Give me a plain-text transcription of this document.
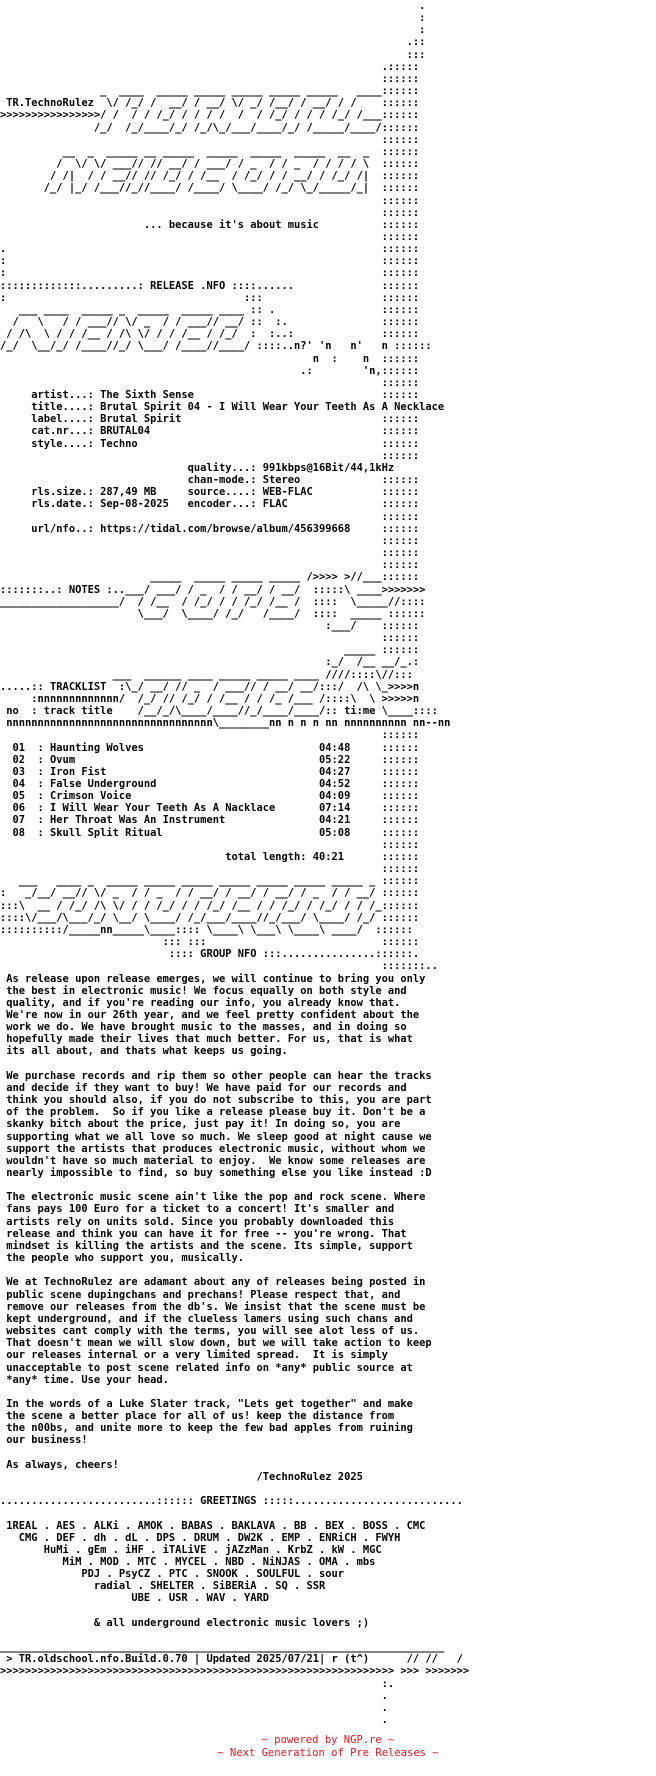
.
:
:
.::
:::
.:::::
::::::
_  ____  _____ _____ _____ _____ _____   ____::::::
TR.TechnoRulez  \/ /_/ /  __/ / __/ \/ _/ /__/ / __/ / /    ::::::
>>>>>>>>>>>>>>>>/ /  / / /_/ / / / /  /  / /_/ / / / /_/ /___::::::
/_/  /_/____/_/ /_/\_/___/____/_/ /_____/____/::::::
::::::
__  _  _____ __ _____  _____  _____  _____  __  _  ::::::
/  \/ \/ ___// // __/ / ___/ / _  / / _  / / / / \  ::::::
/ /|  / / __// // /_/ / /__  / /_/ / / __/ / /_/ /|  ::::::
/_/ |_/ /___//_//____/ /____/ \____/ /_/ \_/_____/_|  ::::::
::::::
::::::
... because it's about music          ::::::
::::::
.                                                            ::::::
:                                                            ::::::
:                                                            ::::::
:::::::::::::.........: RELEASE .NFO ::::......              ::::::
:                                      :::                   ::::::
___ ____  _____ _  _____  _____ ____ :: .                 ::::::
/   \   / / ___// \/ _  / / ___// __/ ::  :.               ::::::
/ /\  \ / / /__ / /\ \/ / / /__ / /_/  :  :..:              ::::::
/_/  \__/_/ /____//_/ \___/ /____//____/ ::::..n?' 'n   n'   n ::::::
n  :    n  ::::::
.:        'n,::::::
::::::
artist...: The Sixth Sense                              ::::::
title....: Brutal Spirit 04 - I Will Wear Your Teeth As A Necklace
label....: Brutal Spirit                                ::::::
cat.nr...: BRUTAL04                                     ::::::
style....: Techno                                       ::::::
::::::
quality...: 991kbps@16Bit/44,1kHz
chan-mode.: Stereo             ::::::
rls.size.: 287,49 MB     source....: WEB-FLAC           ::::::
rls.date.: Sep-08-2025   encoder...: FLAC               ::::::
::::::
url/nfo..: https://tidal.com/browse/album/456399668     ::::::
::::::
::::::
::::::
_____  _____ _____ _____ />>>> >//___::::::
:::::::..: NOTES :..___/ ___/ / _  / / __/ / __/  :::::\ ____>>>>>>>
___________________/  / /__  / /_/ / / /_/ /__ /  ::::  \_____//::::
\___/  \____/ /_/   /____/  ::::  _____ ::::::
:___/    ::::::
::::::
_____ ::::::
:_/  /__ __/_.:
___  ______ ____ _____ _____ ____ ////::::\//:::
.....:: TRACKLIST  :\_/ __/ // _  / ___// / __/ __/:::/  /\ \_>>>>n
:nnnnnnnnnnnnn/  /_/ // /_/ / /__ / / /_ /___ /::::\  \ >>>>>n
no  : track title    /__/_/\____/____//_/____/____/:: ti:me \____::::
nnnnnnnnnnnnnnnnnnnnnnnnnnnnnnnnn\________nn n n n nn nnnnnnnnnn nn--nn
::::::
01  : Haunting Wolves                            04:48     ::::::
02  : Ovum                                       05:22     ::::::
03  : Iron Fist                                  04:27     ::::::
04  : False Underground                          04:52     ::::::
05  : Crimson Voice                              04:09     ::::::
06  : I Will Wear Your Teeth As A Nacklace       07:14     ::::::
07  : Her Throat Was An Instrument               04:21     ::::::
08  : Skull Split Ritual                         05:08     ::::::
::::::
total length: 40:21      ::::::
::::::
___   ____ _  _____ _____ _____ _____ _____ _____ _____ _ ::::::
:   _/__/ __// \/ _  / / _  / / __/ / __/ / __/ / _  / / __/ ::::::
:::\  __ / /_/ /\ \/ / / /_/ / / /_/ /__ / / /_/ / /_/ / / /_::::::
::::\/___/\___/_/ \__/ \____/ /_/___/____//_/___/ \____/ /_/ ::::::
::::::::::/_____nn_____\____:::: \____\ \___\ \____\ ____/  ::::::
::: :::                            ::::::
:::: GROUP NFO :::...............::::::.
:::::::..
As release upon release emerges, we will continue to bring you only
the best in electronic music! We focus equally on both style and
quality, and if you're reading our info, you already know that.
We're now in our 26th year, and we feel pretty confident about the
work we do. We have brought music to the masses, and in doing so
hopefully made their lives that much better. For us, that is what
its all about, and thats what keeps us going.

We purchase records and rip them so other people can hear the tracks
and decide if they want to buy! We have paid for our records and
think you should also, if you do not subscribe to this, you are part
of the problem.  So if you like a release please buy it. Don't be a
skanky bitch about the price, just pay it! In doing so, you are
supporting what we all love so much. We sleep good at night cause we
support the artists that produces electronic music, without whom we
wouldn't have so much material to enjoy.  We know some releases are
nearly impossible to find, so buy something else you like instead :D

The electronic music scene ain't like the pop and rock scene. Where
fans pays 100 Euro for a ticket to a concert! It's smaller and
artists rely on units sold. Since you probably downloaded this
release and think you can have it for free -- you're wrong. That
mindset is killing the artists and the scene. Its simple, support
the people who support you, musically.

We at TechnoRulez are adamant about any of releases being posted in
public scene dupingchans and prechans! Please respect that, and
remove our releases from the db's. We insist that the scene must be
kept underground, and if the clueless lamers using such chans and
websites cant comply with the terms, you will see alot less of us.
That doesn't mean we will slow down, but we will take action to keep
our releases internal or a very limited spread.  It is simply
unacceptable to post scene related info on *any* public source at
*any* time. Use your head.

In the words of a Luke Slater track, "Lets get together" and make
the scene a better place for all of us! keep the distance from
the n00bs, and unite more to keep the few bad apples from ruining
our business!

As always, cheers!
/TechnoRulez 2025

.........................:::::: GREETINGS :::::...........................

1REAL . AES . ALKi . AMOK . BABAS . BAKLAVA . BB . BEX . BOSS . CMC
CMG . DEF . dh . dL . DPS . DRUM . DW2K . EMP . ENRiCH . FWYH
HuMi . gEm . iHF . iTALiVE . jAZzMan . KrbZ . kW . MGC
MiM . MOD . MTC . MYCEL . NBD . NiNJAS . OMA . mbs
PDJ . PsyCZ . PTC . SNOOK . SOULFUL . sour
radial . SHELTER . SiBERiA . SQ . SSR
UBE . USR . WAV . YARD

& all underground electronic music lovers ;)

_______________________________________________________________________
> TR.oldschool.nfo.Build.0.70 | Updated 2025/07/21| r (t^)      // //   /
>>>>>>>>>>>>>>>>>>>>>>>>>>>>>>>>>>>>>>>>>>>>>>>>>>>>>>>>>>>>>>> >>> >>>>>>>
:.
.
.
.
~ powered by NGP.re ~
~ Next Generation of Pre Releases ~
